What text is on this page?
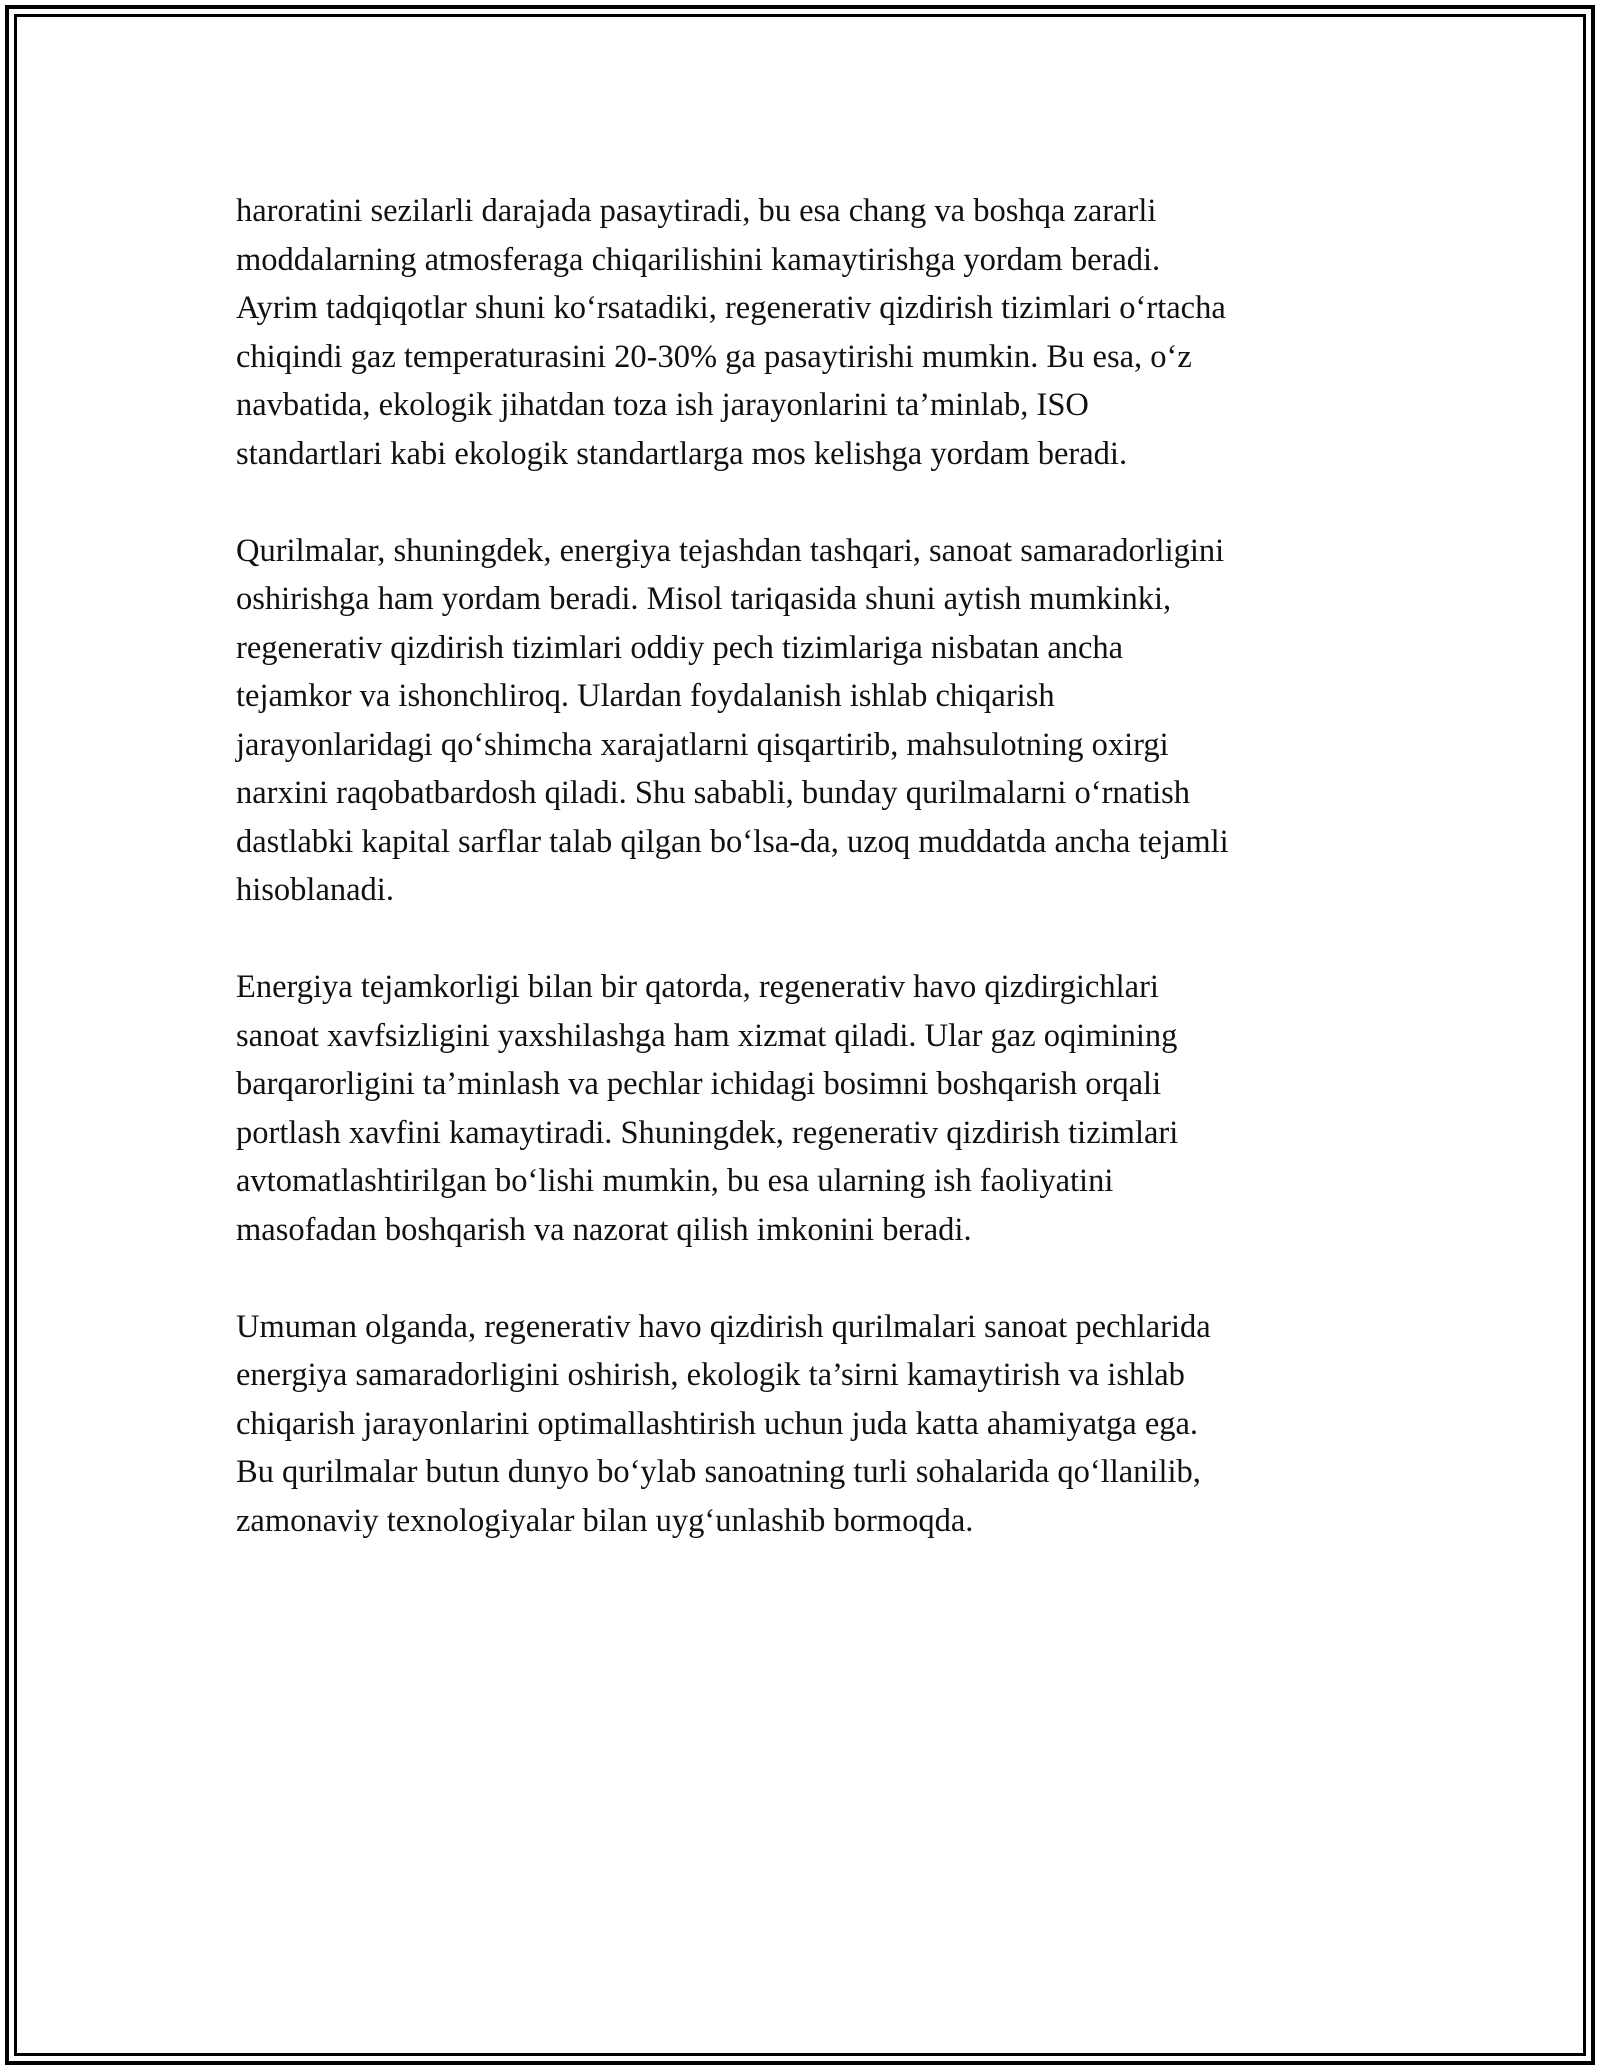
haroratini sezilarli darajada pasaytiradi, bu esa chang va boshqa zararli
moddalarning atmosferaga chiqarilishini kamaytirishga yordam beradi.
Ayrim tadqiqotlar shuni ko‘rsatadiki, regenerativ qizdirish tizimlari o‘rtacha
chiqindi gaz temperaturasini 20-30% ga pasaytirishi mumkin. Bu esa, o‘z
navbatida, ekologik jihatdan toza ish jarayonlarini ta’minlab, ISO
standartlari kabi ekologik standartlarga mos kelishga yordam beradi.

Qurilmalar, shuningdek, energiya tejashdan tashqari, sanoat samaradorligini
oshirishga ham yordam beradi. Misol tariqasida shuni aytish mumkinki,
regenerativ qizdirish tizimlari oddiy pech tizimlariga nisbatan ancha
tejamkor va ishonchliroq. Ulardan foydalanish ishlab chiqarish
jarayonlaridagi qo‘shimcha xarajatlarni qisqartirib, mahsulotning oxirgi
narxini raqobatbardosh qiladi. Shu sababli, bunday qurilmalarni o‘rnatish
dastlabki kapital sarflar talab qilgan bo‘lsa-da, uzoq muddatda ancha tejamli
hisoblanadi.

Energiya tejamkorligi bilan bir qatorda, regenerativ havo qizdirgichlari
sanoat xavfsizligini yaxshilashga ham xizmat qiladi. Ular gaz oqimining
barqarorligini ta’minlash va pechlar ichidagi bosimni boshqarish orqali
portlash xavfini kamaytiradi. Shuningdek, regenerativ qizdirish tizimlari
avtomatlashtirilgan bo‘lishi mumkin, bu esa ularning ish faoliyatini
masofadan boshqarish va nazorat qilish imkonini beradi.

Umuman olganda, regenerativ havo qizdirish qurilmalari sanoat pechlarida
energiya samaradorligini oshirish, ekologik ta’sirni kamaytirish va ishlab
chiqarish jarayonlarini optimallashtirish uchun juda katta ahamiyatga ega.
Bu qurilmalar butun dunyo bo‘ylab sanoatning turli sohalarida qo‘llanilib,
zamonaviy texnologiyalar bilan uyg‘unlashib bormoqda.
